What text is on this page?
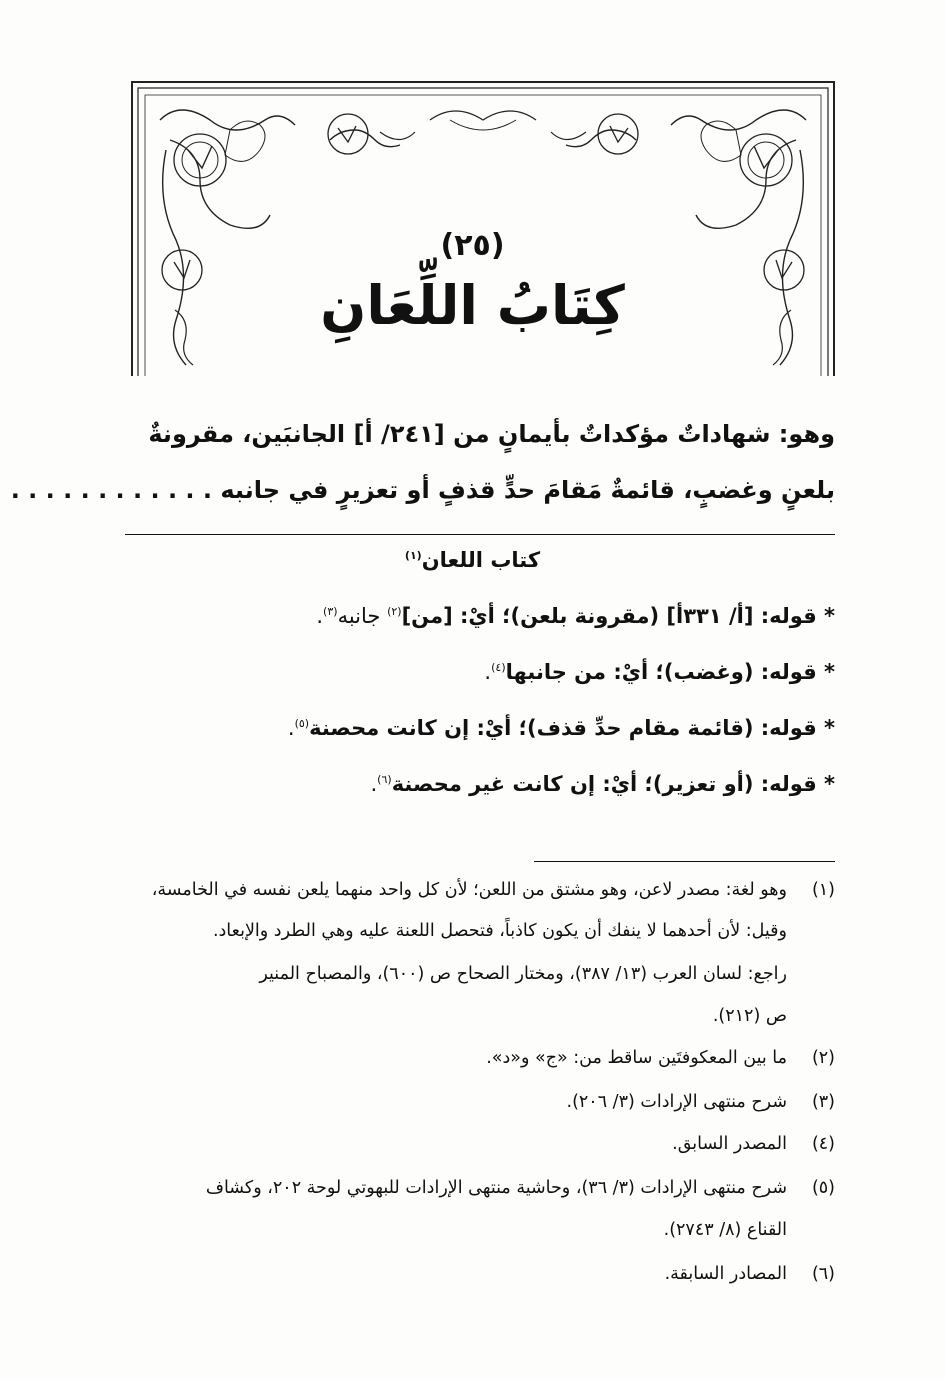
(٢٥)
كِتَابُ اللِّعَانِ
وهو: شهاداتٌ مؤكداتٌ بأيمانٍ من [٢٤١/ أ] الجانبَين، مقرونةٌ
بلعنٍ وغضبٍ، قائمةٌ مَقامَ حدٍّ قذفٍ أو تعزيرٍ في جانبه . . . . . . . . . . . .
كتاب اللعان$^{(١)}$
* قوله: [أ/ ٣٣١أ] (مقرونة بلعن)؛ أيْ: [من]$^{(٢)}$ جانبه$^{(٣)}$.
* قوله: (وغضب)؛ أيْ: من جانبها$^{(٤)}$.
* قوله: (قائمة مقام حدِّ قذف)؛ أيْ: إن كانت محصنة$^{(٥)}$.
* قوله: (أو تعزير)؛ أيْ: إن كانت غير محصنة$^{(٦)}$.
(١)وهو لغة: مصدر لاعن، وهو مشتق من اللعن؛ لأن كل واحد منهما يلعن نفسه في الخامسة،
وقيل: لأن أحدهما لا ينفك أن يكون كاذباً، فتحصل اللعنة عليه وهي الطرد والإبعاد.
راجع: لسان العرب (١٣/ ٣٨٧)، ومختار الصحاح ص (٦٠٠)، والمصباح المنير
ص (٢١٢).
(٢)ما بين المعكوفتَين ساقط من: «ج» و«د».
(٣)شرح منتهى الإرادات (٣/ ٢٠٦).
(٤)المصدر السابق.
(٥)شرح منتهى الإرادات (٣/ ٣٦)، وحاشية منتهى الإرادات للبهوتي لوحة ٢٠٢، وكشاف
القناع (٨/ ٢٧٤٣).
(٦)المصادر السابقة.
